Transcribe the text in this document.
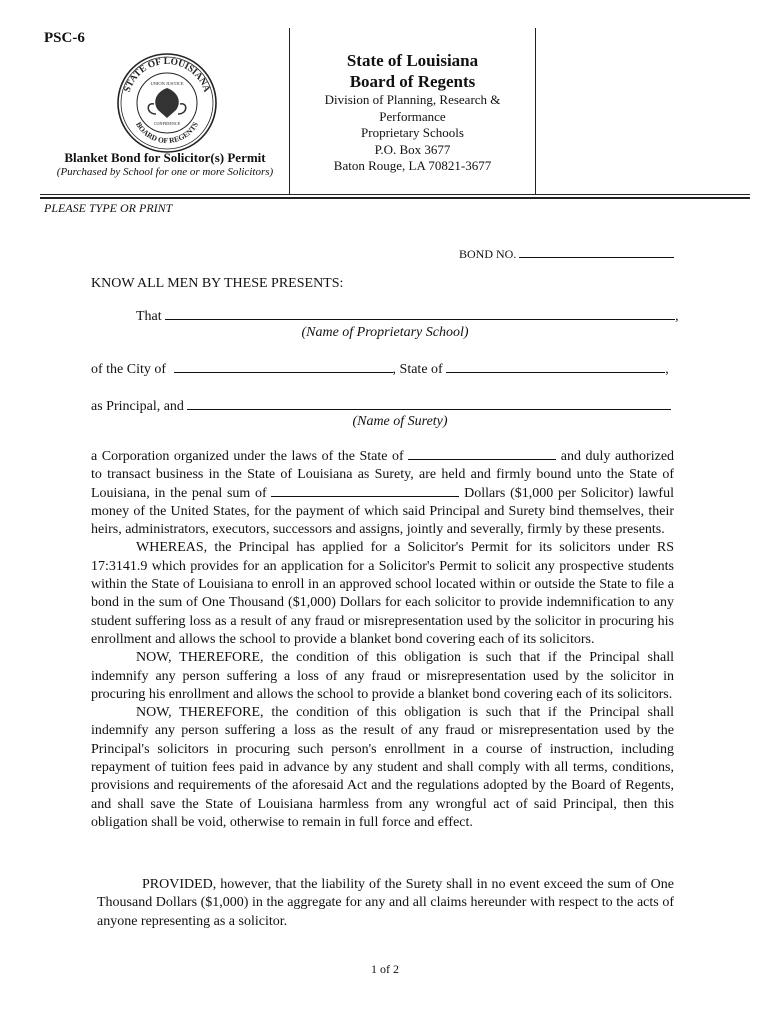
PSC-6
STATE OF LOUISIANA
BOARD OF REGENTS
UNION JUSTICE
CONFIDENCE
Blanket Bond for Solicitor(s) Permit
(Purchased by School for one or more Solicitors)
State of Louisiana
Board of Regents
Division of Planning, Research &
Performance
Proprietary Schools
P.O. Box 3677
Baton Rouge, LA 70821-3677
PLEASE TYPE OR PRINT
BOND NO.
KNOW ALL MEN BY THESE PRESENTS:
That	,
(Name of Proprietary School)
of the City of	, State of	,
as Principal, and
(Name of Surety)

a Corporation organized under the laws of the State of	and duly authorized to transact business in the State of Louisiana as Surety, are held and firmly bound unto the State of Louisiana, in the penal sum of	Dollars ($1,000 per Solicitor) lawful money of the United States, for the payment of which said Principal and Surety bind themselves, their heirs, administrators, executors, successors and assigns, jointly and severally, firmly by these presents.

WHEREAS, the Principal has applied for a Solicitor's Permit for its solicitors under RS 17:3141.9 which provides for an application for a Solicitor's Permit to solicit any prospective students within the State of Louisiana to enroll in an approved school located within or outside the State to file a bond in the sum of One Thousand ($1,000) Dollars for each solicitor to provide indemnification to any student suffering loss as a result of any fraud or misrepresentation used by the solicitor in procuring his enrollment and allows the school to provide a blanket bond covering each of its solicitors.

NOW, THEREFORE, the condition of this obligation is such that if the Principal shall indemnify any person suffering a loss of any fraud or misrepresentation used by the solicitor in procuring his enrollment and allows the school to provide a blanket bond covering each of its solicitors.

NOW, THEREFORE, the condition of this obligation is such that if the Principal shall indemnify any person suffering a loss as the result of any fraud or misrepresentation used by the Principal's solicitors in procuring such person's enrollment in a course of instruction, including repayment of tuition fees paid in advance by any student and shall comply with all terms, conditions, provisions and requirements of the aforesaid Act and the regulations adopted by the Board of Regents, and shall save the State of Louisiana harmless from any wrongful act of said Principal, then this obligation shall be void, otherwise to remain in full force and effect.

PROVIDED, however, that the liability of the Surety shall in no event exceed the sum of One Thousand Dollars ($1,000) in the aggregate for any and all claims hereunder with respect to the acts of anyone representing as a solicitor.

1 of 2
